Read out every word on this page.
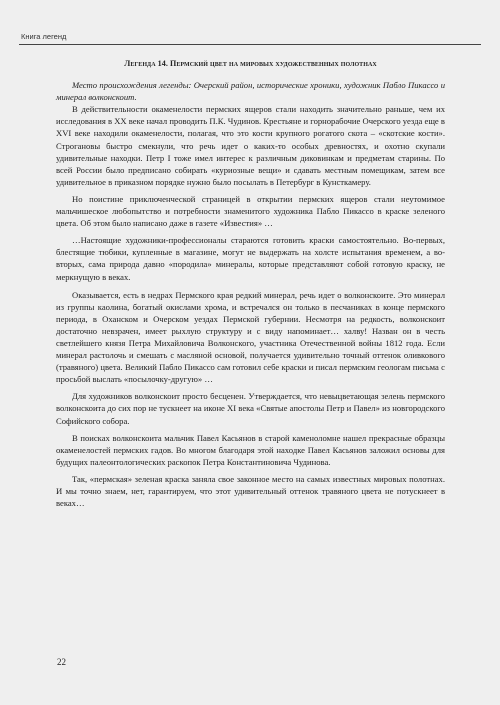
Книга легенд
Легенда 14. Пермский цвет на мировых художественных полотнах

Место происхождения легенды: Очерский район, исторические хроники, художник Пабло Пикассо и минерал волконскоит.

В действительности окаменелости пермских ящеров стали находить значительно раньше, чем их исследования в XX веке начал проводить П.К. Чудинов. Крестьяне и горнорабочие Очерского уезда еще в XVI веке находили окаменелости, полагая, что это кости крупного рогатого скота – «скотские кости». Строгановы быстро смекнули, что речь идет о каких-то особых древностях, и охотно скупали удивительные находки. Петр I тоже имел интерес к различным диковинкам и предметам старины. По всей России было предписано собирать «куриозные вещи» и сдавать местным помещикам, затем все удивительное в приказном порядке нужно было посылать в Петербург в Кунсткамеру.

Но поистине приключенческой страницей в открытии пермских ящеров стали неутомимое мальчишеское любопытство и потребности знаменитого художника Пабло Пикассо в краске зеленого цвета. Об этом было написано даже в газете «Известия» …

…Настоящие художники-профессионалы стараются готовить краски самостоятельно. Во-первых, блестящие тюбики, купленные в магазине, могут не выдержать на холсте испытания временем, а во-вторых, сама природа давно «породила» минералы, которые представляют собой готовую краску, не меркнущую в веках.

Оказывается, есть в недрах Пермского края редкий минерал, речь идет о волконскоите. Это минерал из группы каолина, богатый окислами хрома, и встречался он только в песчаниках в конце пермского периода, в Оханском и Очерском уездах Пермской губернии. Несмотря на редкость, волконскоит достаточно невзрачен, имеет рыхлую структуру и с виду напоминает… халву! Назван он в честь светлейшего князя Петра Михайловича Волконского, участника Отечественной войны 1812 года. Если минерал растолочь и смешать с масляной основой, получается удивительно точный оттенок оливкового (травяного) цвета. Великий Пабло Пикассо сам готовил себе краски и писал пермским геологам письма с просьбой выслать «посылочку-другую» …

Для художников волконскоит просто бесценен. Утверждается, что невыцветающая зелень пермского волконскоита до сих пор не тускнеет на иконе XI века «Святые апостолы Петр и Павел» из новгородского Софийского собора.

В поисках волконскоита мальчик Павел Касьянов в старой каменоломне нашел прекрасные образцы окаменелостей пермских гадов. Во многом благодаря этой находке Павел Касьянов заложил основы для будущих палеонтологических раскопок Петра Константиновича Чудинова.

Так, «пермская» зеленая краска заняла свое законное место на самых известных мировых полотнах. И мы точно знаем, нет, гарантируем, что этот удивительный оттенок травяного цвета не потускнеет в веках…

22
